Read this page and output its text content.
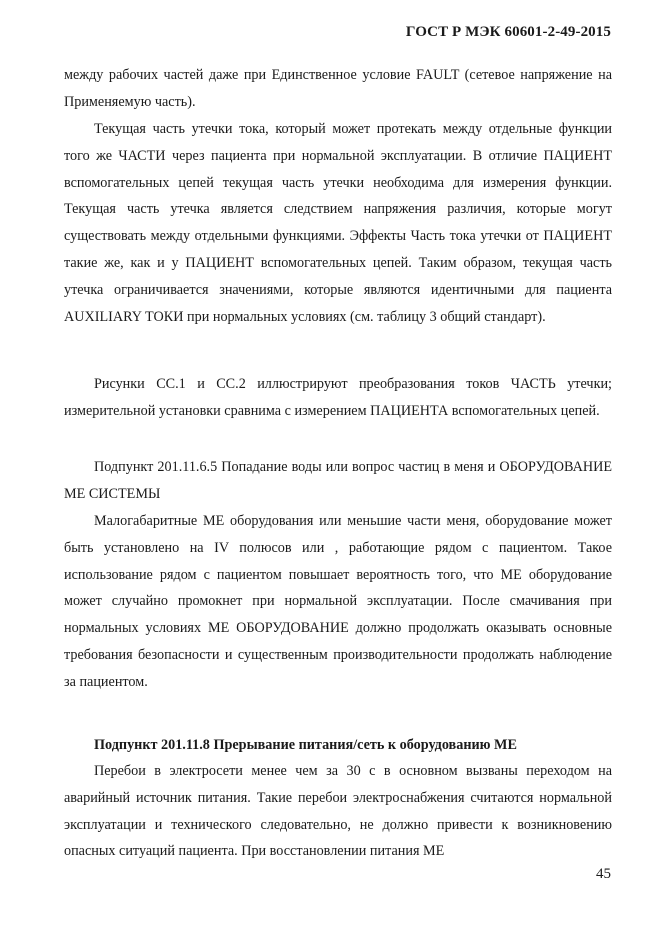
ГОСТ Р МЭК 60601-2-49-2015

между рабочих частей даже при Единственное условие FAULT (сетевое напряжение на Применяемую часть).

Текущая часть утечки тока, который может протекать между отдельные функции того же ЧАСТИ через пациента при нормальной эксплуатации. В отличие ПАЦИЕНТ вспомогательных цепей текущая часть утечки необходима для измерения функции. Текущая часть утечка является следствием напряжения различия, которые могут существовать между отдельными функциями. Эффекты Часть тока утечки от ПАЦИЕНТ такие же, как и у ПАЦИЕНТ вспомогательных цепей. Таким образом, текущая часть утечка ограничивается значениями, которые являются идентичными для пациента AUXILIARY ТОКИ при нормальных условиях (см. таблицу 3 общий стандарт).

Рисунки CC.1 и CC.2 иллюстрируют преобразования токов ЧАСТЬ утечки; измерительной установки сравнима с измерением ПАЦИЕНТА вспомогательных цепей.

Подпункт 201.11.6.5 Попадание воды или вопрос частиц в меня и ОБОРУДОВАНИЕ ME СИСТЕМЫ

Малогабаритные ME оборудования или меньшие части меня, оборудование может быть установлено на IV полюсов или , работающие рядом с пациентом. Такое использование рядом с пациентом повышает вероятность того, что ME оборудование может случайно промокнет при нормальной эксплуатации. После смачивания при нормальных условиях ME ОБОРУДОВАНИЕ должно продолжать оказывать основные требования безопасности и существенным производительности продолжать наблюдение за пациентом.

Подпункт 201.11.8 Прерывание питания/сеть к оборудованию ME

Перебои в электросети менее чем за 30 с в основном вызваны переходом на аварийный источник питания. Такие перебои электроснабжения считаются нормальной эксплуатации и технического следовательно, не должно привести к возникновению опасных ситуаций пациента. При восстановлении питания ME

45
